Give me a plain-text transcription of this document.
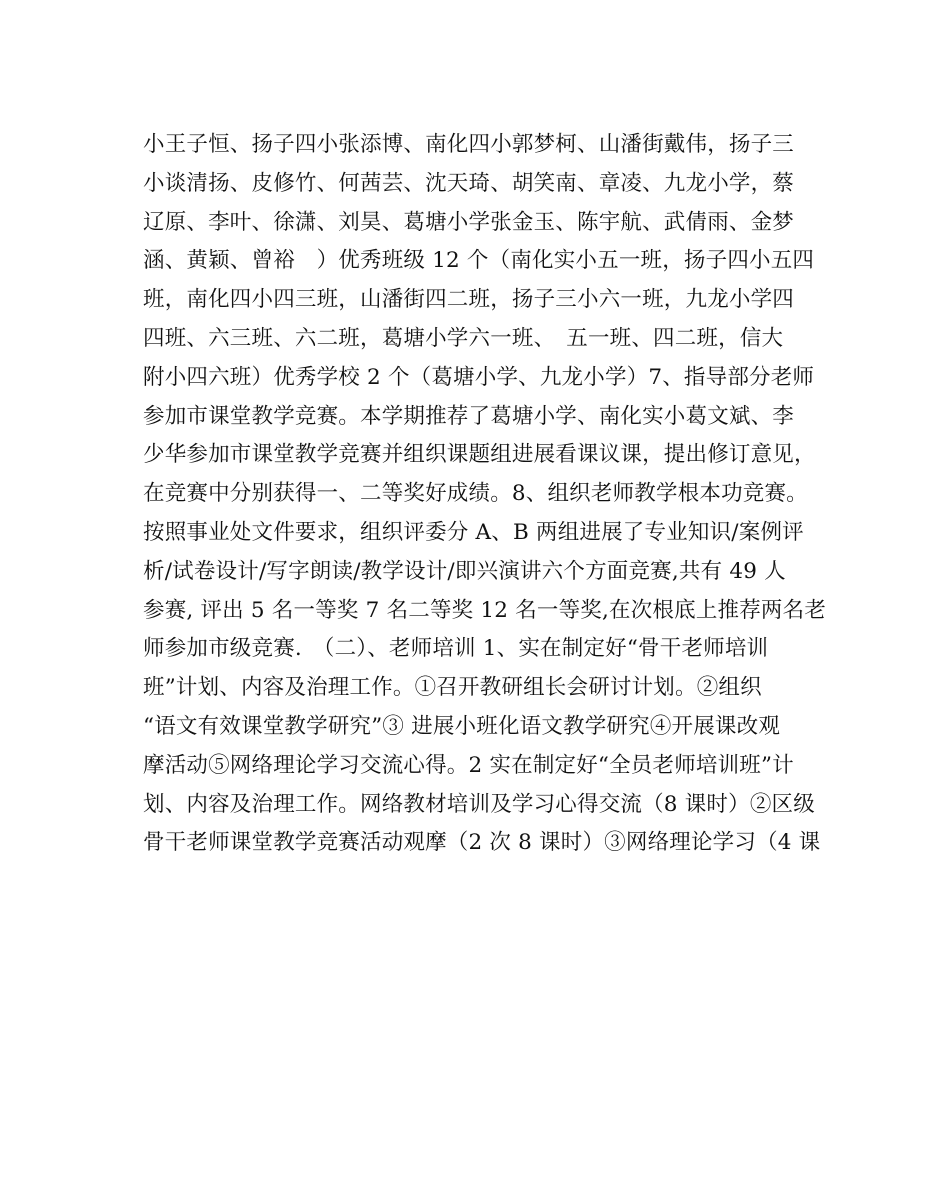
小王子恒、扬子四小张添博、南化四小郭梦柯、山潘街戴伟，扬子三
小谈清扬、皮修竹、何茜芸、沈天琦、胡笑南、章凌、九龙小学，蔡
辽原、李叶、徐潇、刘昊、葛塘小学张金玉、陈宇航、武倩雨、金梦
涵、黄颖、曾裕　）优秀班级 12 个（南化实小五一班，扬子四小五四
班，南化四小四三班，山潘街四二班，扬子三小六一班，九龙小学四
四班、六三班、六二班，葛塘小学六一班、　五一班、四二班，信大
附小四六班）优秀学校 2 个（葛塘小学、九龙小学）7、指导部分老师
参加市课堂教学竞赛。本学期推荐了葛塘小学、南化实小葛文斌、李
少华参加市课堂教学竞赛并组织课题组进展看课议课，提出修订意见，
在竞赛中分别获得一、二等奖好成绩。8、组织老师教学根本功竞赛。
按照事业处文件要求，组织评委分 A、B 两组进展了专业知识/案例评
析/试卷设计/写字朗读/教学设计/即兴演讲六个方面竞赛,共有 49 人
参赛, 评出 5 名一等奖 7 名二等奖 12 名一等奖,在次根底上推荐两名老
师参加市级竞赛.　（二）、老师培训 1、实在制定好“骨干老师培训
班”计划、内容及治理工作。①召开教研组长会研讨计划。②组织
“语文有效课堂教学研究”③ 进展小班化语文教学研究④开展课改观
摩活动⑤网络理论学习交流心得。2 实在制定好“全员老师培训班”计
划、内容及治理工作。网络教材培训及学习心得交流（8 课时）②区级
骨干老师课堂教学竞赛活动观摩（2 次 8 课时）③网络理论学习（4 课
